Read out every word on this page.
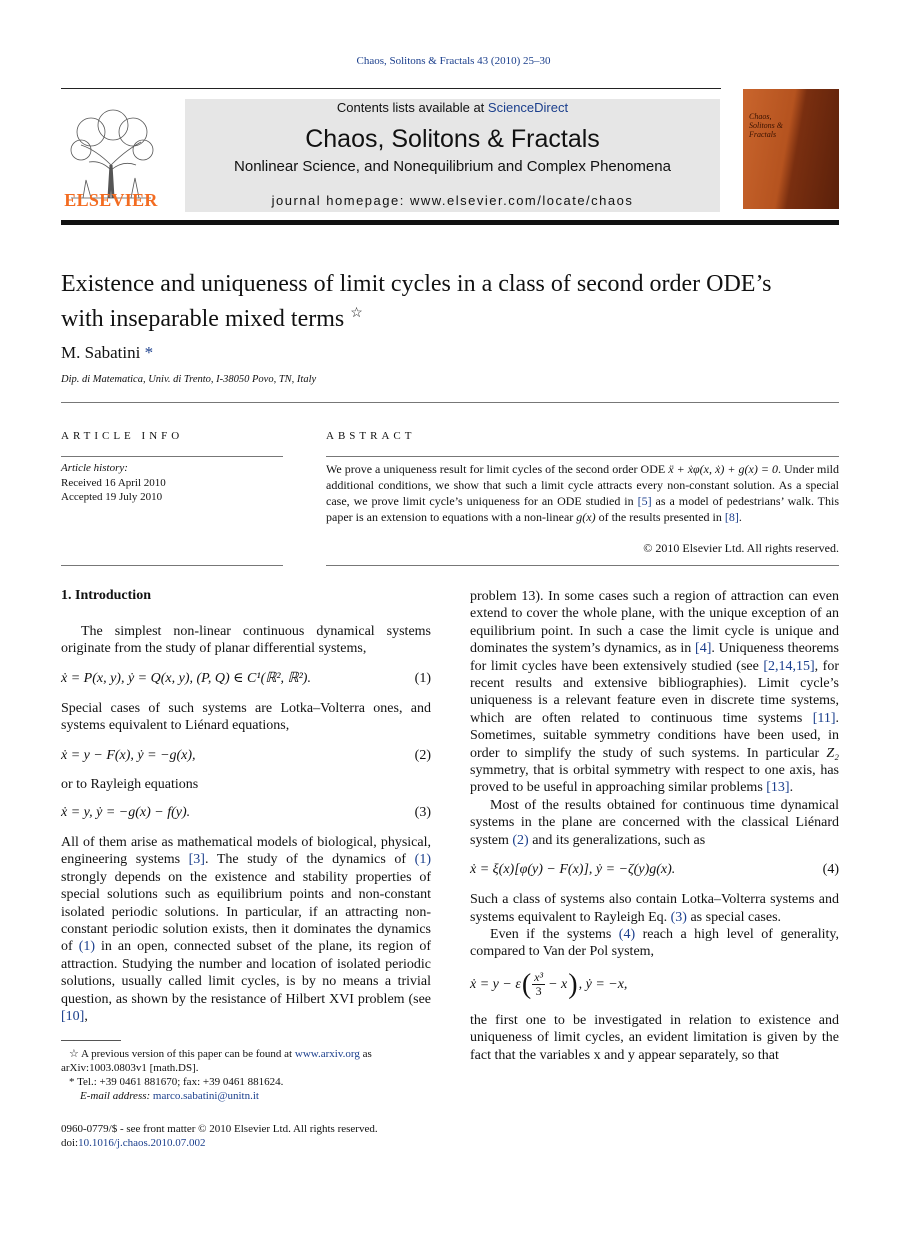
Chaos, Solitons & Fractals 43 (2010) 25–30
ELSEVIER
Contents lists available at ScienceDirect
Chaos, Solitons & Fractals
Nonlinear Science, and Nonequilibrium and Complex Phenomena
journal homepage: www.elsevier.com/locate/chaos
Chaos, Solitons & Fractals
Existence and uniqueness of limit cycles in a class of second order ODE’s with inseparable mixed terms ☆
M. Sabatini *
Dip. di Matematica, Univ. di Trento, I-38050 Povo, TN, Italy
ARTICLE INFO	ABSTRACT
Article history:
Received 16 April 2010
Accepted 19 July 2010
We prove a uniqueness result for limit cycles of the second order ODE ẍ + ẋφ(x, ẋ) + g(x) = 0. Under mild additional conditions, we show that such a limit cycle attracts every non-constant solution. As a special case, we prove limit cycle’s uniqueness for an ODE studied in [5] as a model of pedestrians’ walk. This paper is an extension to equations with a non-linear g(x) of the results presented in [8].
© 2010 Elsevier Ltd. All rights reserved.
1. Introduction

The simplest non-linear continuous dynamical systems originate from the study of planar differential systems,

ẋ = P(x, y), ẏ = Q(x, y), (P, Q) ∈ C¹(ℝ², ℝ²).	(1)

Special cases of such systems are Lotka–Volterra ones, and systems equivalent to Liénard equations,

ẋ = y − F(x), ẏ = −g(x),	(2)

or to Rayleigh equations

ẋ = y, ẏ = −g(x) − f(y).	(3)

All of them arise as mathematical models of biological, physical, engineering systems [3]. The study of the dynamics of (1) strongly depends on the existence and stability properties of special solutions such as equilibrium points and non-constant isolated periodic solutions. In particular, if an attracting non-constant periodic solution exists, then it dominates the dynamics of (1) in an open, connected subset of the plane, its region of attraction. Studying the number and location of isolated periodic solutions, usually called limit cycles, is by no means a trivial question, as shown by the resistance of Hilbert XVI problem (see [10],

problem 13). In some cases such a region of attraction can even extend to cover the whole plane, with the unique exception of an equilibrium point. In such a case the limit cycle is unique and dominates the system’s dynamics, as in [4]. Uniqueness theorems for limit cycles have been extensively studied (see [2,14,15], for recent results and extensive bibliographies). Limit cycle’s uniqueness is a relevant feature even in discrete time systems, which are often related to continuous time systems [11]. Sometimes, suitable symmetry conditions have been used, in order to simplify the study of such systems. In particular Z₂ symmetry, that is orbital symmetry with respect to one axis, has proved to be useful in approaching similar problems [13].

Most of the results obtained for continuous time dynamical systems in the plane are concerned with the classical Liénard system (2) and its generalizations, such as

ẋ = ξ(x)[φ(y) − F(x)], ẏ = −ζ(y)g(x).	(4)

Such a class of systems also contain Lotka–Volterra systems and systems equivalent to Rayleigh Eq. (3) as special cases.

Even if the systems (4) reach a high level of generality, compared to Van der Pol system,

ẋ = y − ε ( x³
3 − x ) , ẏ = −x,

the first one to be investigated in relation to existence and uniqueness of limit cycles, an evident limitation is given by the fact that the variables x and y appear separately, so that

☆ A previous version of this paper can be found at www.arxiv.org as arXiv:1003.0803v1 [math.DS].
* Tel.: +39 0461 881670; fax: +39 0461 881624.
E-mail address: marco.sabatini@unitn.it
0960-0779/$ - see front matter © 2010 Elsevier Ltd. All rights reserved.
doi:10.1016/j.chaos.2010.07.002
